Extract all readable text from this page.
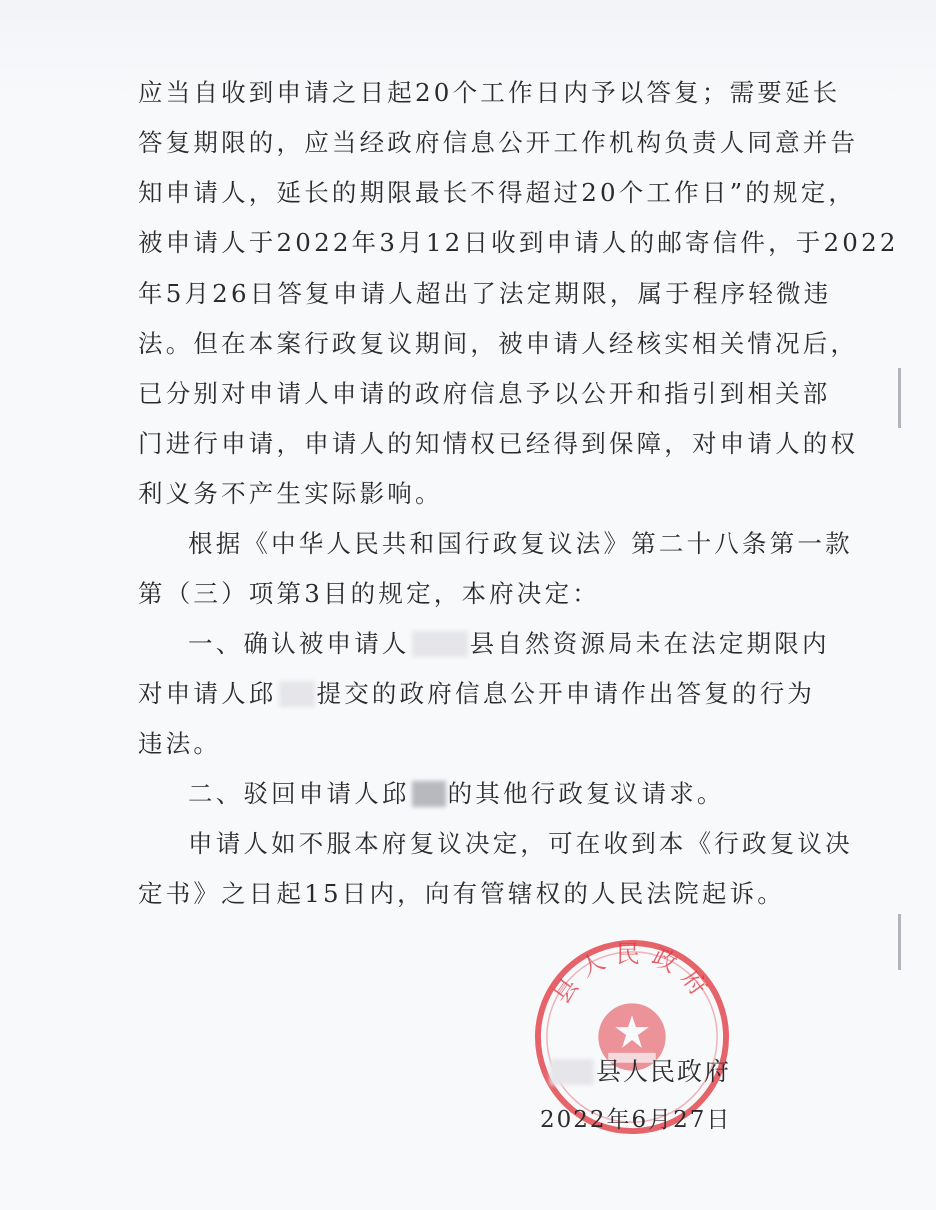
应当自收到申请之日起20个工作日内予以答复；需要延长
答复期限的，应当经政府信息公开工作机构负责人同意并告
知申请人，延长的期限最长不得超过20个工作日”的规定，
被申请人于2022年3月12日收到申请人的邮寄信件，于2022
年5月26日答复申请人超出了法定期限，属于程序轻微违
法。但在本案行政复议期间，被申请人经核实相关情况后，
已分别对申请人申请的政府信息予以公开和指引到相关部
门进行申请，申请人的知情权已经得到保障，对申请人的权
利义务不产生实际影响。
根据《中华人民共和国行政复议法》第二十八条第一款
第（三）项第3目的规定，本府决定：
一、确认被申请人 县自然资源局未在法定期限内
对申请人邱 提交的政府信息公开申请作出答复的行为
违法。
二、驳回申请人邱 的其他行政复议请求。
申请人如不服本府复议决定，可在收到本《行政复议决
定书》之日起15日内，向有管辖权的人民法院起诉。
县人民政府
县人民政府
2022年6月27日
